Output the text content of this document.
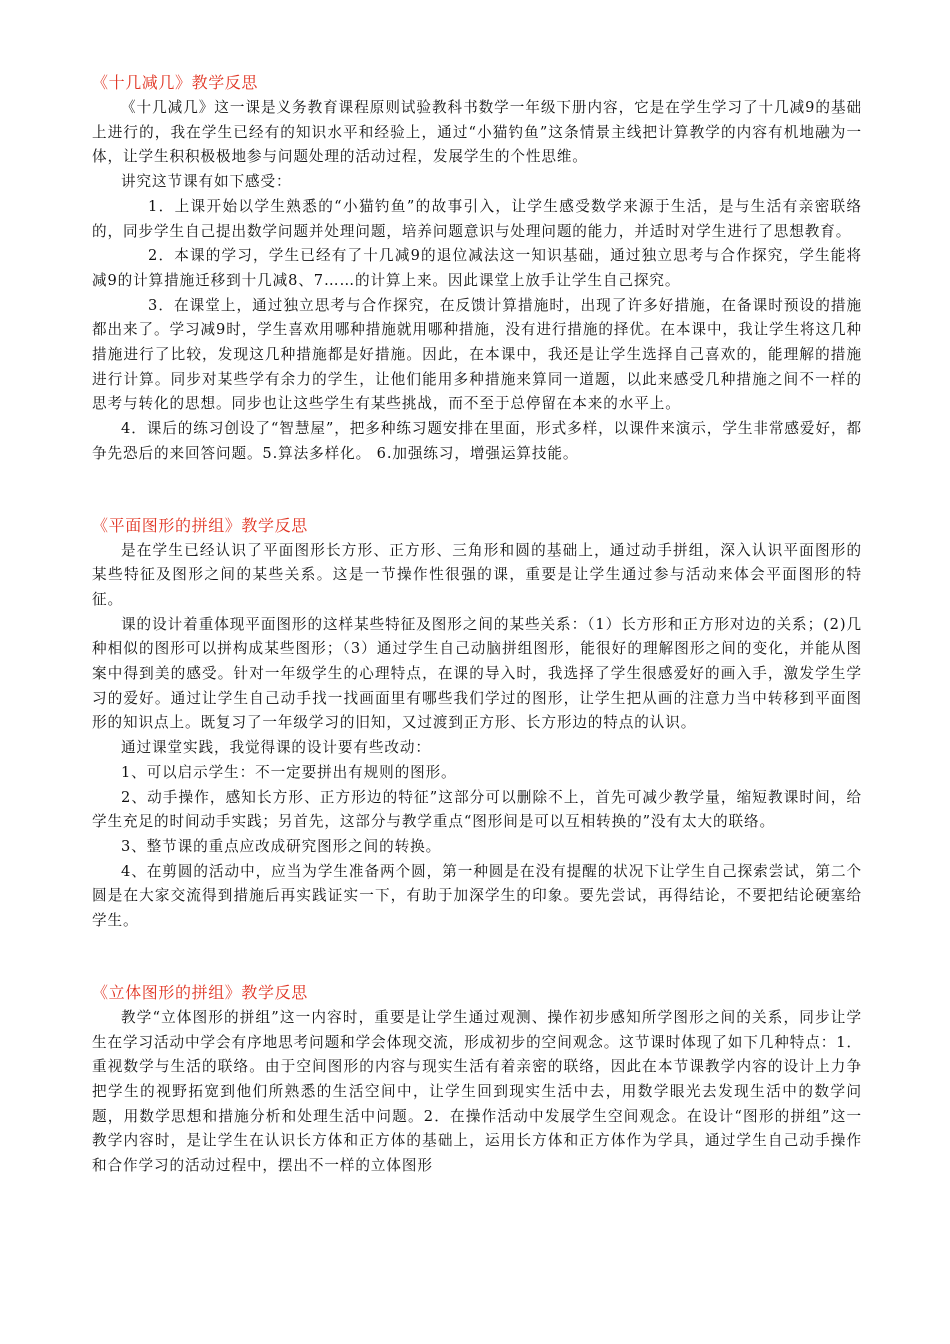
《十几减几》教学反思

《十几减几》这一课是义务教育课程原则试验教科书数学一年级下册内容，它是在学生学习了十几减9的基础上进行的，我在学生已经有的知识水平和经验上，通过“小猫钓鱼”这条情景主线把计算教学的内容有机地融为一体，让学生积积极极地参与问题处理的活动过程，发展学生的个性思维。

讲究这节课有如下感受：

1．上课开始以学生熟悉的“小猫钓鱼”的故事引入，让学生感受数学来源于生活，是与生活有亲密联络的，同步学生自己提出数学问题并处理问题，培养问题意识与处理问题的能力，并适时对学生进行了思想教育。

2．本课的学习，学生已经有了十几减9的退位减法这一知识基础，通过独立思考与合作探究，学生能将减9的计算措施迁移到十几减8、7……的计算上来。因此课堂上放手让学生自己探究。

3．在课堂上，通过独立思考与合作探究，在反馈计算措施时，出现了许多好措施，在备课时预设的措施都出来了。学习减9时，学生喜欢用哪种措施就用哪种措施，没有进行措施的择优。在本课中，我让学生将这几种措施进行了比较，发现这几种措施都是好措施。因此，在本课中，我还是让学生选择自己喜欢的，能理解的措施进行计算。同步对某些学有余力的学生，让他们能用多种措施来算同一道题，以此来感受几种措施之间不一样的思考与转化的思想。同步也让这些学生有某些挑战，而不至于总停留在本来的水平上。

4．课后的练习创设了“智慧屋”，把多种练习题安排在里面，形式多样，以课件来演示，学生非常感爱好，都争先恐后的来回答问题。5.算法多样化。 6.加强练习，增强运算技能。

《平面图形的拼组》教学反思

是在学生已经认识了平面图形长方形、正方形、三角形和圆的基础上，通过动手拼组，深入认识平面图形的某些特征及图形之间的某些关系。这是一节操作性很强的课，重要是让学生通过参与活动来体会平面图形的特征。

课的设计着重体现平面图形的这样某些特征及图形之间的某些关系：（1）长方形和正方形对边的关系；(2)几种相似的图形可以拼构成某些图形；（3）通过学生自己动脑拼组图形，能很好的理解图形之间的变化，并能从图案中得到美的感受。针对一年级学生的心理特点，在课的导入时，我选择了学生很感爱好的画入手，激发学生学习的爱好。通过让学生自己动手找一找画面里有哪些我们学过的图形，让学生把从画的注意力当中转移到平面图形的知识点上。既复习了一年级学习的旧知，又过渡到正方形、长方形边的特点的认识。

通过课堂实践，我觉得课的设计要有些改动：

1、可以启示学生：不一定要拼出有规则的图形。

2、动手操作，感知长方形、正方形边的特征”这部分可以删除不上，首先可减少教学量，缩短教课时间，给学生充足的时间动手实践；另首先，这部分与教学重点“图形间是可以互相转换的”没有太大的联络。

3、整节课的重点应改成研究图形之间的转换。

4、在剪圆的活动中，应当为学生准备两个圆，第一种圆是在没有提醒的状况下让学生自己探索尝试，第二个圆是在大家交流得到措施后再实践证实一下，有助于加深学生的印象。要先尝试，再得结论，不要把结论硬塞给学生。

《立体图形的拼组》教学反思

教学“立体图形的拼组”这一内容时，重要是让学生通过观测、操作初步感知所学图形之间的关系，同步让学生在学习活动中学会有序地思考问题和学会体现交流，形成初步的空间观念。这节课时体现了如下几种特点：1．重视数学与生活的联络。由于空间图形的内容与现实生活有着亲密的联络，因此在本节课教学内容的设计上力争把学生的视野拓宽到他们所熟悉的生活空间中，让学生回到现实生活中去，用数学眼光去发现生活中的数学问题，用数学思想和措施分析和处理生活中问题。2．在操作活动中发展学生空间观念。在设计“图形的拼组”这一教学内容时，是让学生在认识长方体和正方体的基础上，运用长方体和正方体作为学具，通过学生自己动手操作和合作学习的活动过程中，摆出不一样的立体图形
